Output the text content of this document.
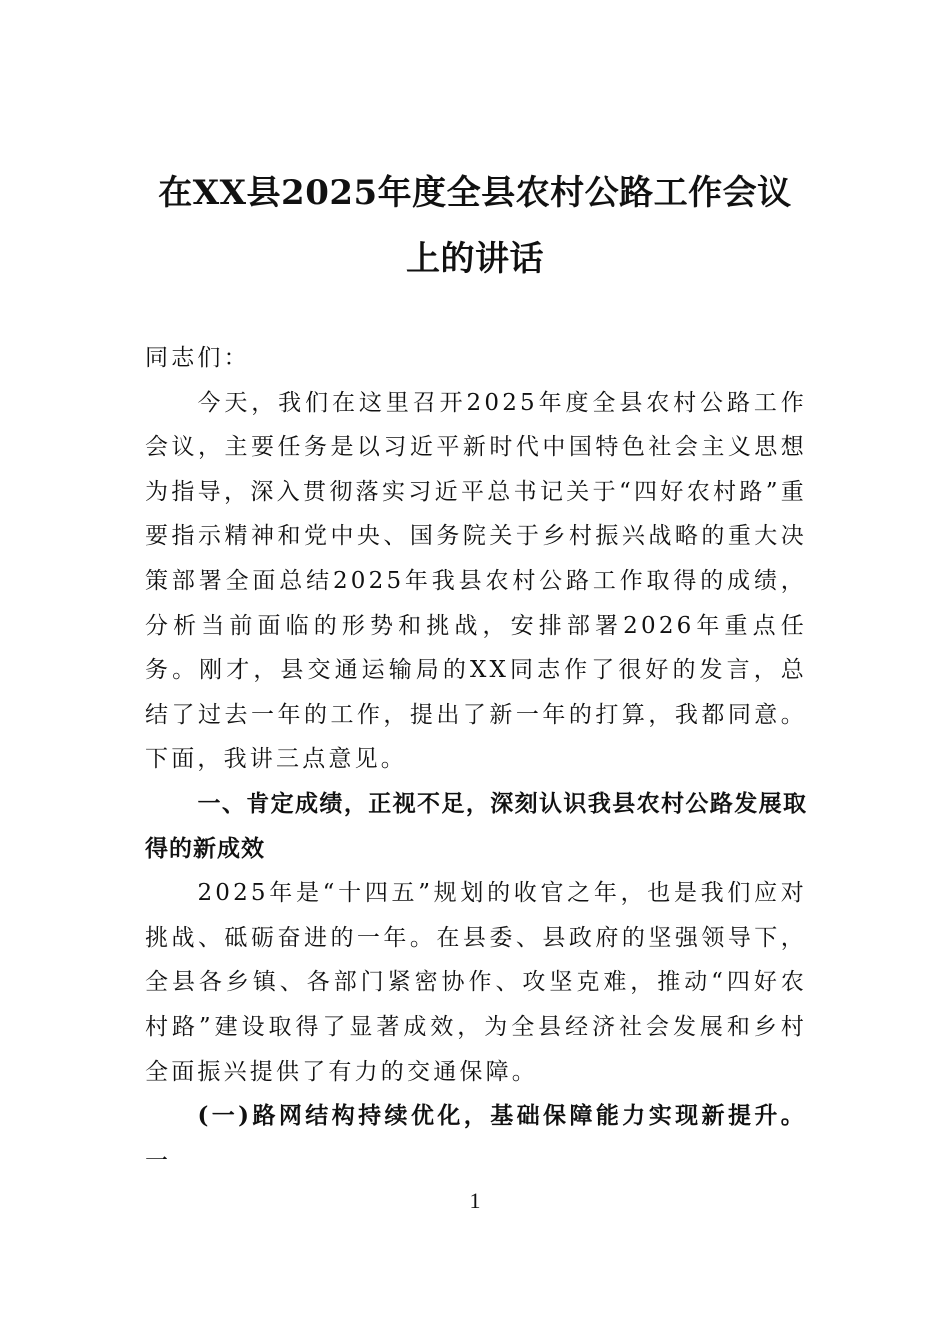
在XX县2025年度全县农村公路工作会议
上的讲话

同志们：

今天，我们在这里召开2025年度全县农村公路工作会议，主要任务是以习近平新时代中国特色社会主义思想为指导，深入贯彻落实习近平总书记关于“四好农村路”重要指示精神和党中央、国务院关于乡村振兴战略的重大决策部署全面总结2025年我县农村公路工作取得的成绩，分析当前面临的形势和挑战，安排部署2026年重点任务。刚才，县交通运输局的XX同志作了很好的发言，总结了过去一年的工作，提出了新一年的打算，我都同意。下面，我讲三点意见。

一、肯定成绩，正视不足，深刻认识我县农村公路发展取得的新成效

2025年是“十四五”规划的收官之年，也是我们应对挑战、砥砺奋进的一年。在县委、县政府的坚强领导下，全县各乡镇、各部门紧密协作、攻坚克难，推动“四好农村路”建设取得了显著成效，为全县经济社会发展和乡村全面振兴提供了有力的交通保障。

(一)路网结构持续优化，基础保障能力实现新提升。一

1
